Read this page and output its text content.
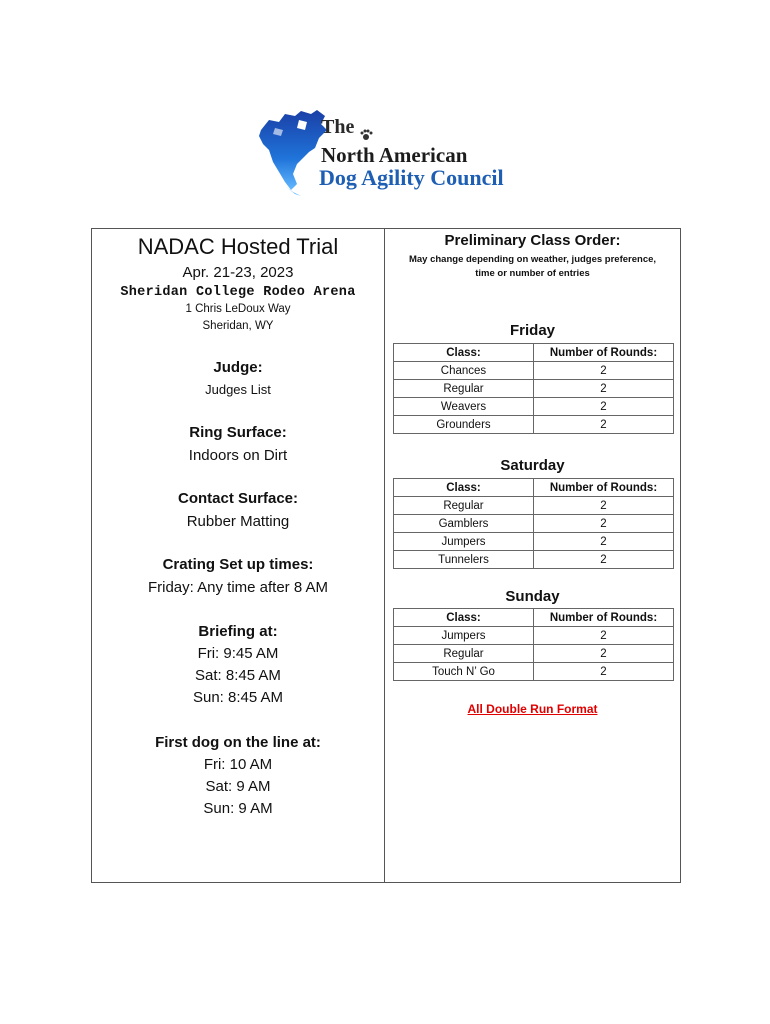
The
North American
Dog Agility Council
NADAC Hosted Trial
Apr. 21-23, 2023
Sheridan College Rodeo Arena
1 Chris LeDoux Way
Sheridan, WY
Judge:
Judges List
Ring Surface:
Indoors on Dirt
Contact Surface:
Rubber Matting
Crating Set up times:
Friday: Any time after 8 AM
Briefing at:
Fri: 9:45 AM
Sat: 8:45 AM
Sun: 8:45 AM
First dog on the line at:
Fri: 10 AM
Sat: 9 AM
Sun: 9 AM
Preliminary Class Order:
May change depending on weather, judges preference,
time or number of entries
Friday
Class:	Number of Rounds:
Chances	2
Regular	2
Weavers	2
Grounders	2
Saturday
Class:	Number of Rounds:
Regular	2
Gamblers	2
Jumpers	2
Tunnelers	2
Sunday
Class:	Number of Rounds:
Jumpers	2
Regular	2
Touch N’ Go	2
All Double Run Format
